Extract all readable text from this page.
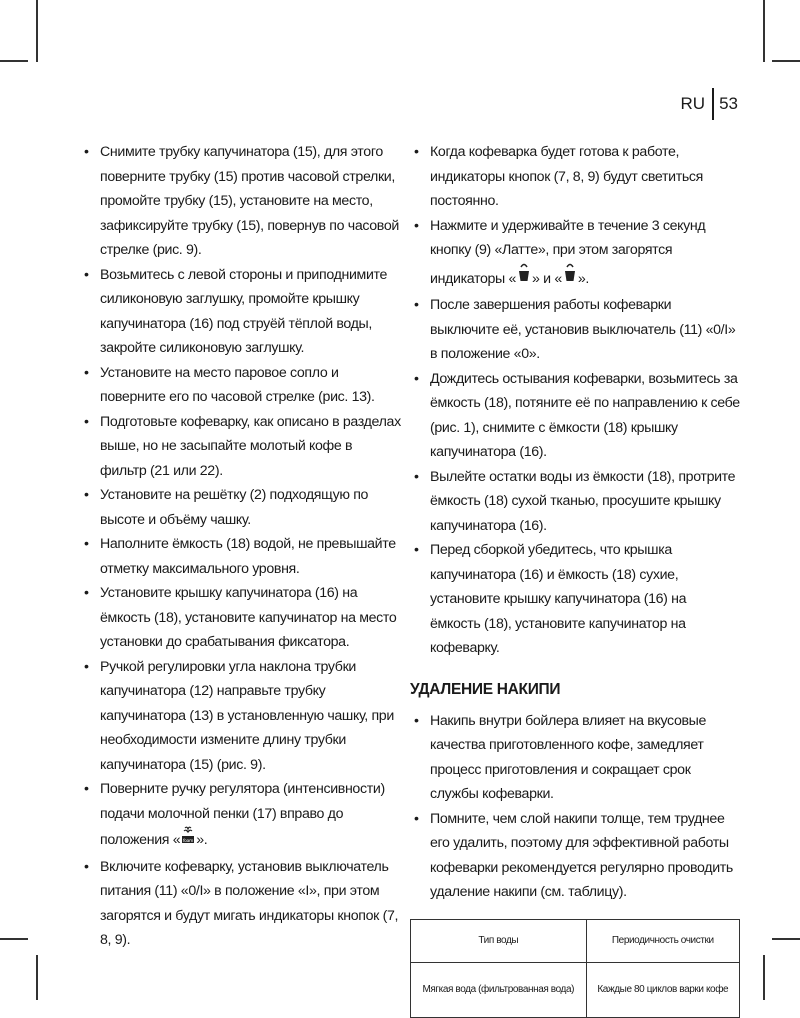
RU 53
• Снимите трубку капучинатора (15), для этого поверните трубку (15) против часовой стрелки, промойте трубку (15), установите на место, зафиксируйте трубку (15), повернув по часовой стрелке (рис. 9).
• Возьмитесь с левой стороны и приподнимите силиконовую заглушку, промойте крышку капучинатора (16) под струёй тёплой воды, закройте силиконовую заглушку.
• Установите на место паровое сопло и поверните его по часовой стрелке (рис. 13).
• Подготовьте кофеварку, как описано в разделах выше, но не засыпайте молотый кофе в фильтр (21 или 22).
• Установите на решётку (2) подходящую по высоте и объёму чашку.
• Наполните ёмкость (18) водой, не превышайте отметку максимального уровня.
• Установите крышку капучинатора (16) на ёмкость (18), установите капучинатор на место установки до срабатывания фиксатора.
• Ручкой регулировки угла наклона трубки капучинатора (12) направьте трубку капучинатора (13) в установленную чашку, при необходимости измените длину трубки капучинатора (15) (рис. 9).
• Поверните ручку регулятора (интенсивности) подачи молочной пенки (17) вправо до положения « foam ».
• Включите кофеварку, установив выключатель питания (11) «0/I» в положение «I», при этом загорятся и будут мигать индикаторы кнопок (7, 8, 9).
• Когда кофеварка будет готова к работе, индикаторы кнопок (7, 8, 9) будут светиться постоянно.
• Нажмите и удерживайте в течение 3 секунд кнопку (9) «Латте», при этом загорятся индикаторы « » и « ».
• После завершения работы кофеварки выключите её, установив выключатель (11) «0/I» в положение «0».
• Дождитесь остывания кофеварки, возьмитесь за ёмкость (18), потяните её по направлению к себе (рис. 1), снимите с ёмкости (18) крышку капучинатора (16).
• Вылейте остатки воды из ёмкости (18), протрите ёмкость (18) сухой тканью, просушите крышку капучинатора (16).
• Перед сборкой убедитесь, что крышка капучинатора (16) и ёмкость (18) сухие, установите крышку капучинатора (16) на ёмкость (18), установите капучинатор на кофеварку.
УДАЛЕНИЕ НАКИПИ
• Накипь внутри бойлера влияет на вкусовые качества приготовленного кофе, замедляет процесс приготовления и сокращает срок службы кофеварки.
• Помните, чем слой накипи толще, тем труднее его удалить, поэтому для эффективной работы кофеварки рекомендуется регулярно проводить удаление накипи (см. таблицу).
Тип воды	Периодичность очистки
Мягкая вода (фильтрованная вода)	Каждые 80 циклов варки кофе
